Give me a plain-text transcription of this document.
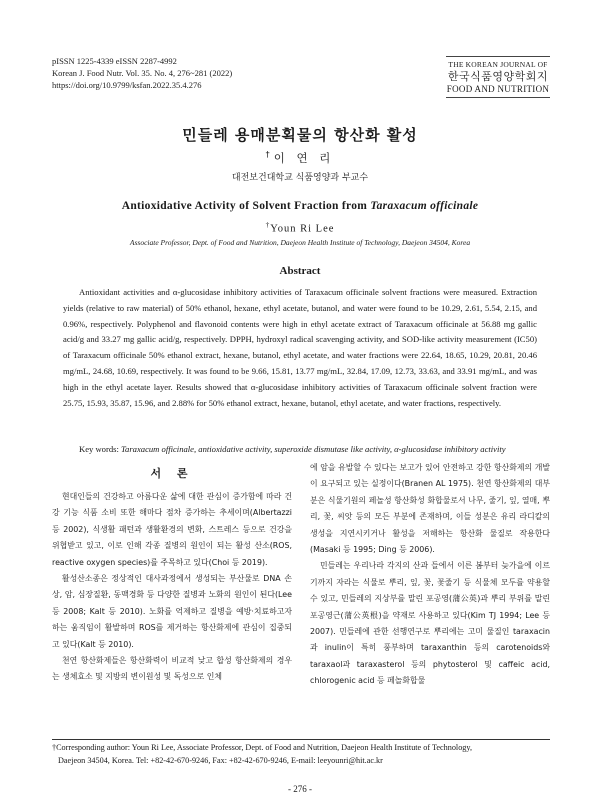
pISSN 1225-4339 eISSN 2287-4992
Korean J. Food Nutr. Vol. 35. No. 4, 276~281 (2022)
https://doi.org/10.9799/ksfan.2022.35.4.276
THE KOREAN JOURNAL OF
한국식품영양학회지
FOOD AND NUTRITION
민들레 용매분획물의 항산화 활성
†이 연 리
대전보건대학교 식품영양과 부교수
Antioxidative Activity of Solvent Fraction from Taraxacum officinale
†Youn Ri Lee
Associate Professor, Dept. of Food and Nutrition, Daejeon Health Institute of Technology, Daejeon 34504, Korea
Abstract
Antioxidant activities and α-glucosidase inhibitory activities of Taraxacum officinale solvent fractions were measured. Extraction yields (relative to raw material) of 50% ethanol, hexane, ethyl acetate, butanol, and water were found to be 10.29, 2.61, 5.54, 2.15, and 0.96%, respectively. Polyphenol and flavonoid contents were high in ethyl acetate extract of Taraxacum officinale at 56.88 mg gallic acid/g and 33.27 mg gallic acid/g, respectively. DPPH, hydroxyl radical scavenging activity, and SOD-like activity measurement (IC50) of Taraxacum officinale 50% ethanol extract, hexane, butanol, ethyl acetate, and water fractions were 22.64, 18.65, 10.29, 20.81, 20.46 mg/mL, 24.68, 10.69, respectively. It was found to be 9.66, 15.81, 13.77 mg/mL, 32.84, 17.09, 12.73, 33.63, and 33.91 mg/mL, and was high in the ethyl acetate layer. Results showed that α-glucosidase inhibitory activities of Taraxacum officinale solvent fraction were 25.75, 15.93, 35.87, 15.96, and 2.88% for 50% ethanol extract, hexane, butanol, ethyl acetate, and water fractions, respectively.
Key words: Taraxacum officinale, antioxidative activity, superoxide dismutase like activity, α-glucosidase inhibitory activity
서 론

현대인들의 건강하고 아름다운 삶에 대한 관심이 증가함에 따라 건강 기능 식품 소비 또한 해마다 점차 증가하는 추세이며(Albertazzi 등 2002), 식생활 패턴과 생활환경의 변화, 스트레스 등으로 건강을 위협받고 있고, 이로 인해 각종 질병의 원인이 되는 활성 산소(ROS, reactive oxygen species)를 주목하고 있다(Choi 등 2019).

활성산소종은 정상적인 대사과정에서 생성되는 부산물로 DNA 손상, 암, 심장질환, 동맥경화 등 다양한 질병과 노화의 원인이 된다(Lee 등 2008; Kalt 등 2010). 노화를 억제하고 질병을 예방·치료하고자 하는 움직임이 활발하며 ROS를 제거하는 항산화제에 관심이 집중되고 있다(Kalt 등 2010).

천연 항산화제들은 항산화력이 비교적 낮고 합성 항산화제의 경우는 생체효소 및 지방의 변이원성 및 독성으로 인체

에 암을 유발할 수 있다는 보고가 있어 안전하고 강한 항산화제의 개발이 요구되고 있는 실정이다(Branen AL 1975). 천연 항산화제의 대부분은 식물기원의 페놀성 항산화성 화합물로서 나무, 줄기, 잎, 열매, 뿌리, 꽃, 씨앗 등의 모든 부분에 존재하며, 이들 성분은 유리 라디칼의 생성을 지연시키거나 활성을 저해하는 항산화 물질로 작용한다(Masaki 등 1995; Ding 등 2006).

민들레는 우리나라 각지의 산과 들에서 이른 봄부터 늦가을에 이르기까지 자라는 식물로 뿌리, 잎, 꽃, 꽃줄기 등 식물체 모두를 약용할 수 있고, 민들레의 지상부를 말린 포공영(蒲公英)과 뿌리 부위를 말린 포공영근(蒲公英根)을 약재로 사용하고 있다(Kim TJ 1994; Lee 등 2007). 민들레에 관한 선행연구로 뿌리에는 고미 물질인 taraxacin과 inulin이 특히 풍부하며 taraxanthin 등의 carotenoids와 taraxaol과 taraxasterol 등의 phytosterol 및 caffeic acid, chlorogenic acid 등 페놀화합물

†Corresponding author: Youn Ri Lee, Associate Professor, Dept. of Food and Nutrition, Daejeon Health Institute of Technology,
Daejeon 34504, Korea. Tel: +82-42-670-9246, Fax: +82-42-670-9246, E-mail: leeyounri@hit.ac.kr
- 276 -
